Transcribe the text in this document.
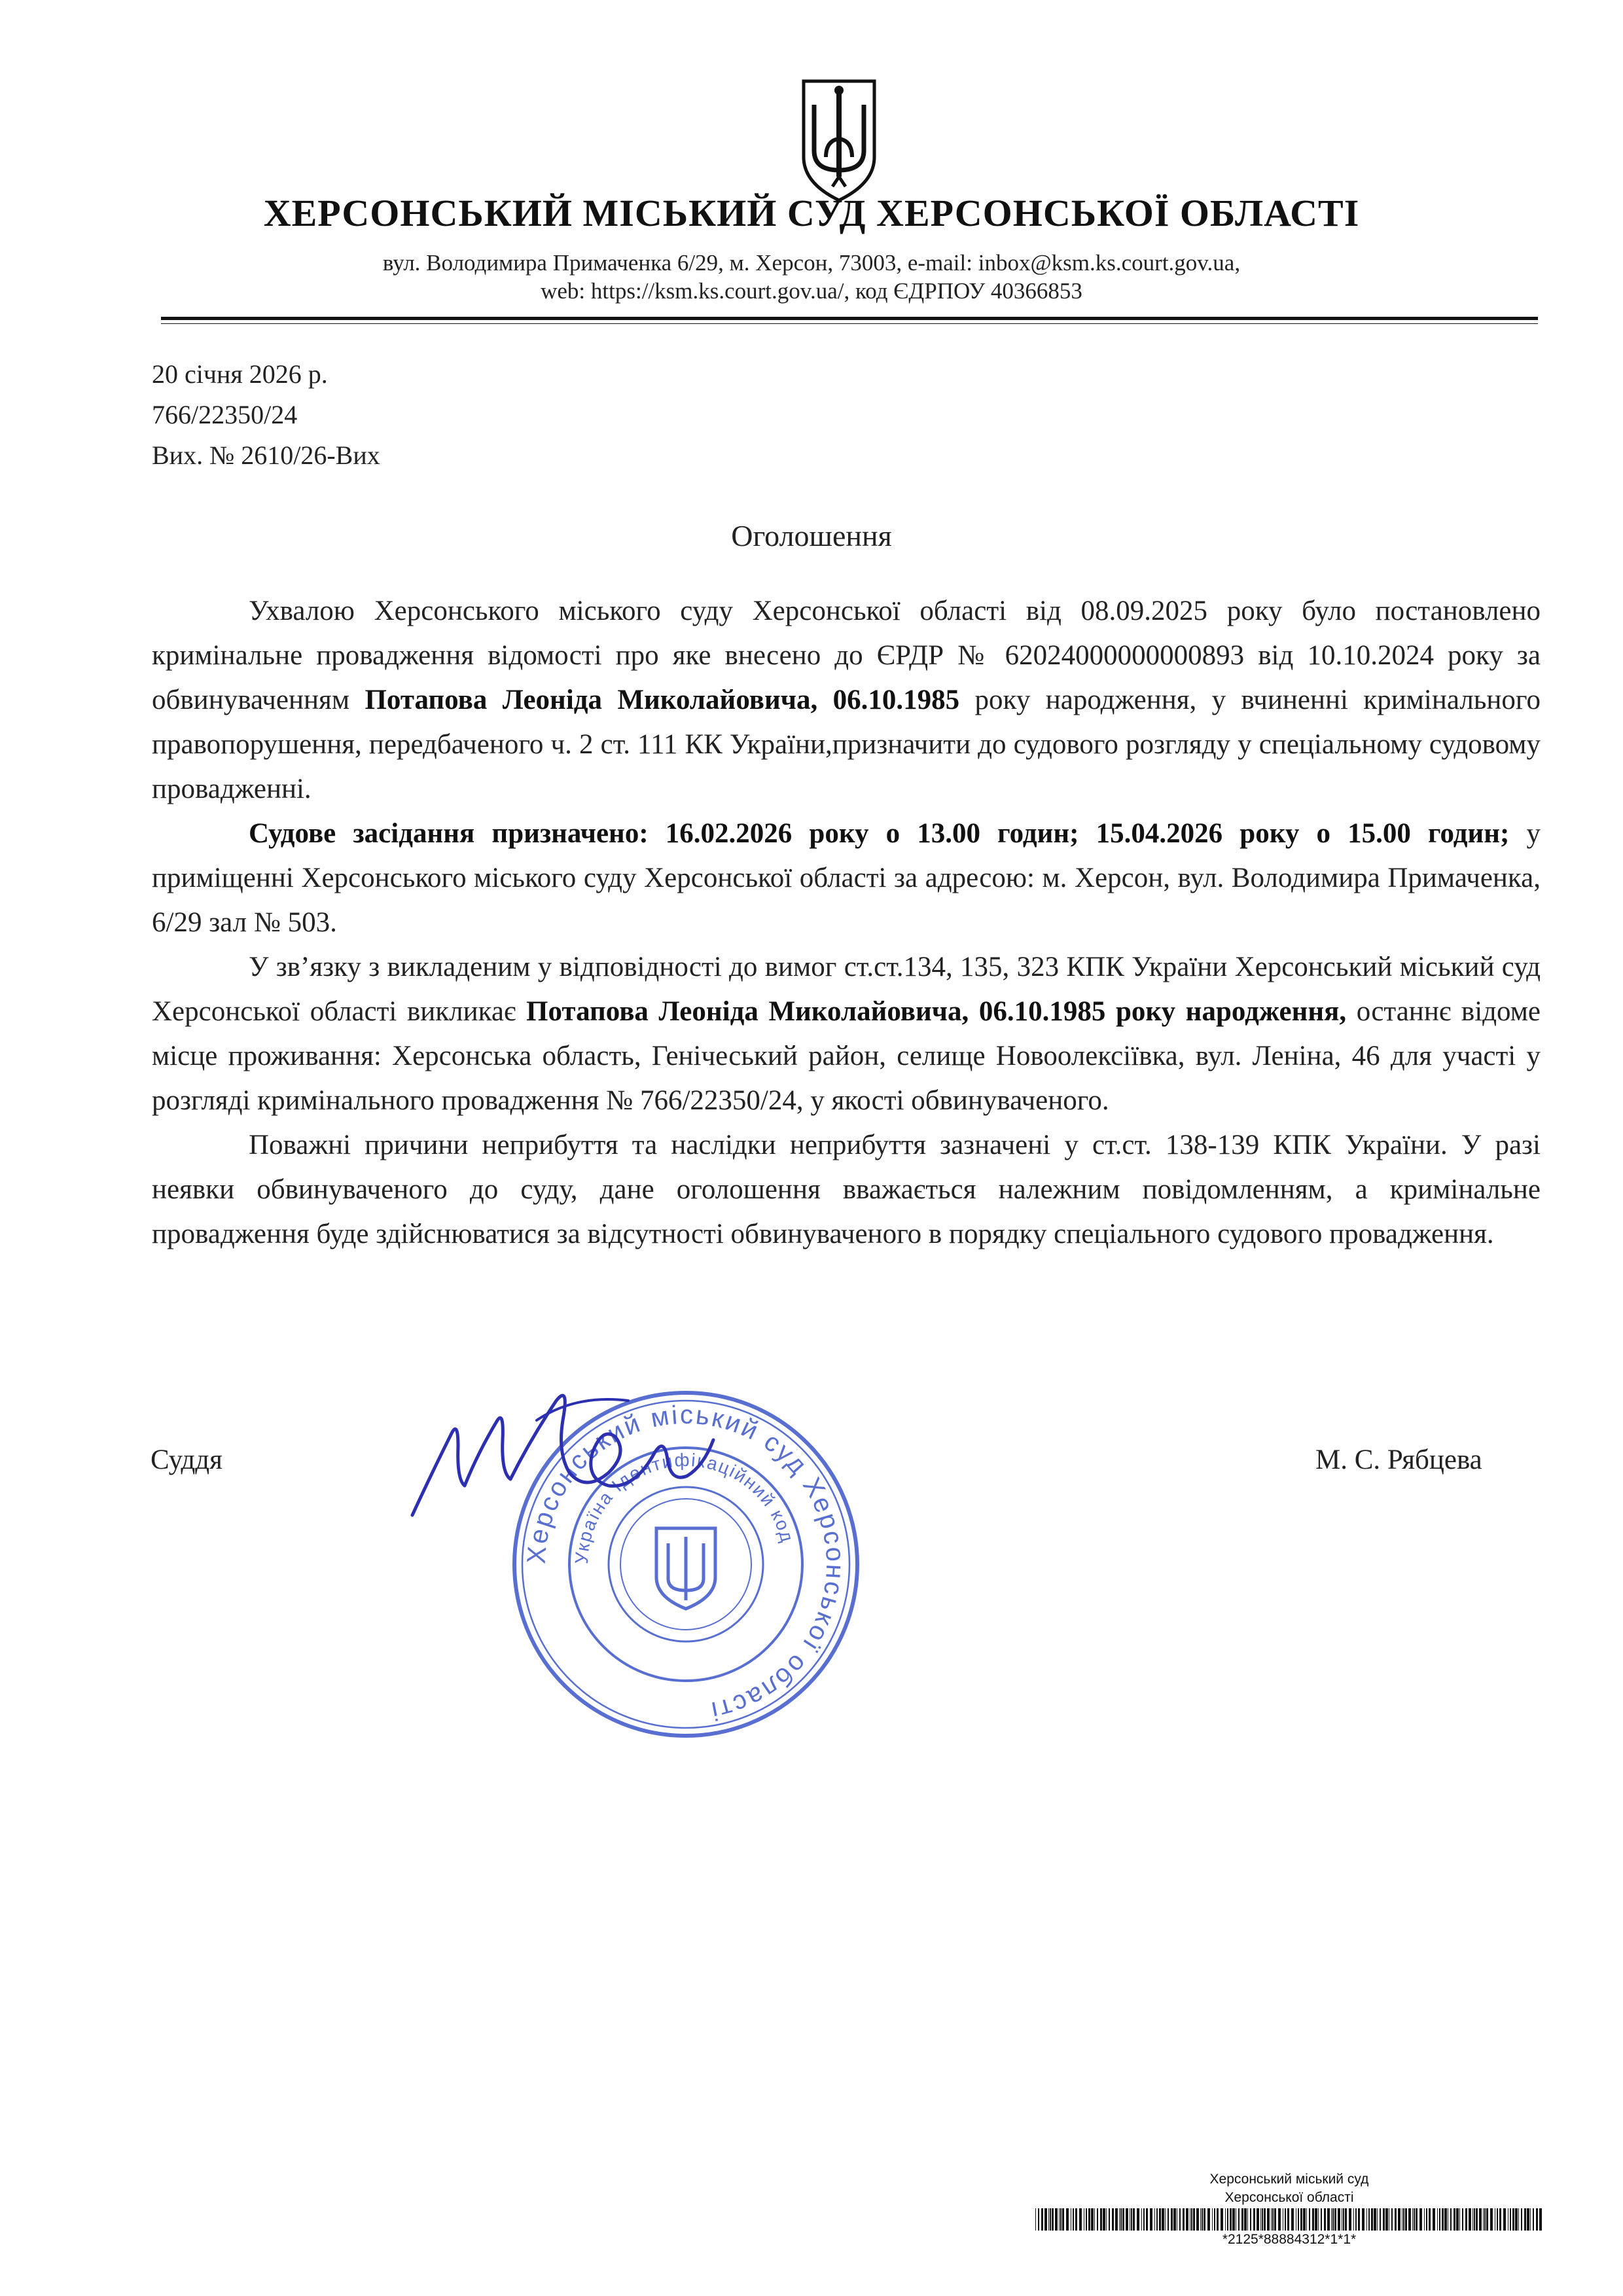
ХЕРСОНСЬКИЙ МІСЬКИЙ СУД ХЕРСОНСЬКОЇ ОБЛАСТІ
вул. Володимира Примаченка 6/29, м. Херсон, 73003, e-mail: inbox@ksm.ks.court.gov.ua,
web: https://ksm.ks.court.gov.ua/, код ЄДРПОУ 40366853
20 січня 2026 р.
766/22350/24
Вих. № 2610/26-Вих
Оголошення

Ухвалою Херсонського міського суду Херсонської області від 08.09.2025 року було постановлено кримінальне провадження відомості про яке внесено до ЄРДР № 62024000000000893 від 10.10.2024 року за обвинуваченням Потапова Леоніда Миколайовича, 06.10.1985 року народження, у вчиненні кримінального правопорушення, передбаченого ч. 2 ст. 111 КК України,призначити до судового розгляду у спеціальному судовому провадженні.

Судове засідання призначено: 16.02.2026 року о 13.00 годин; 15.04.2026 року о 15.00 годин; у приміщенні Херсонського міського суду Херсонської області за адресою: м. Херсон, вул. Володимира Примаченка, 6/29 зал № 503.

У зв’язку з викладеним у відповідності до вимог ст.ст.134, 135, 323 КПК України Херсонський міський суд Херсонської області викликає Потапова Леоніда Миколайовича, 06.10.1985 року народження, останнє відоме місце проживання: Херсонська область, Генічеський район, селище Новоолексіївка, вул. Леніна, 46 для участі у розгляді кримінального провадження № 766/22350/24, у якості обвинуваченого.

Поважні причини неприбуття та наслідки неприбуття зазначені у ст.ст. 138-139 КПК України. У разі неявки обвинуваченого до суду, дане оголошення вважається належним повідомленням, а кримінальне провадження буде здійснюватися за відсутності обвинуваченого в порядку спеціального судового провадження.

Суддя	М. С. Рябцева
Херсонський міський суд Херсонської області
Україна Ідентифікаційний код
Херсонський міський суд
Херсонської області
*2125*88884312*1*1*
